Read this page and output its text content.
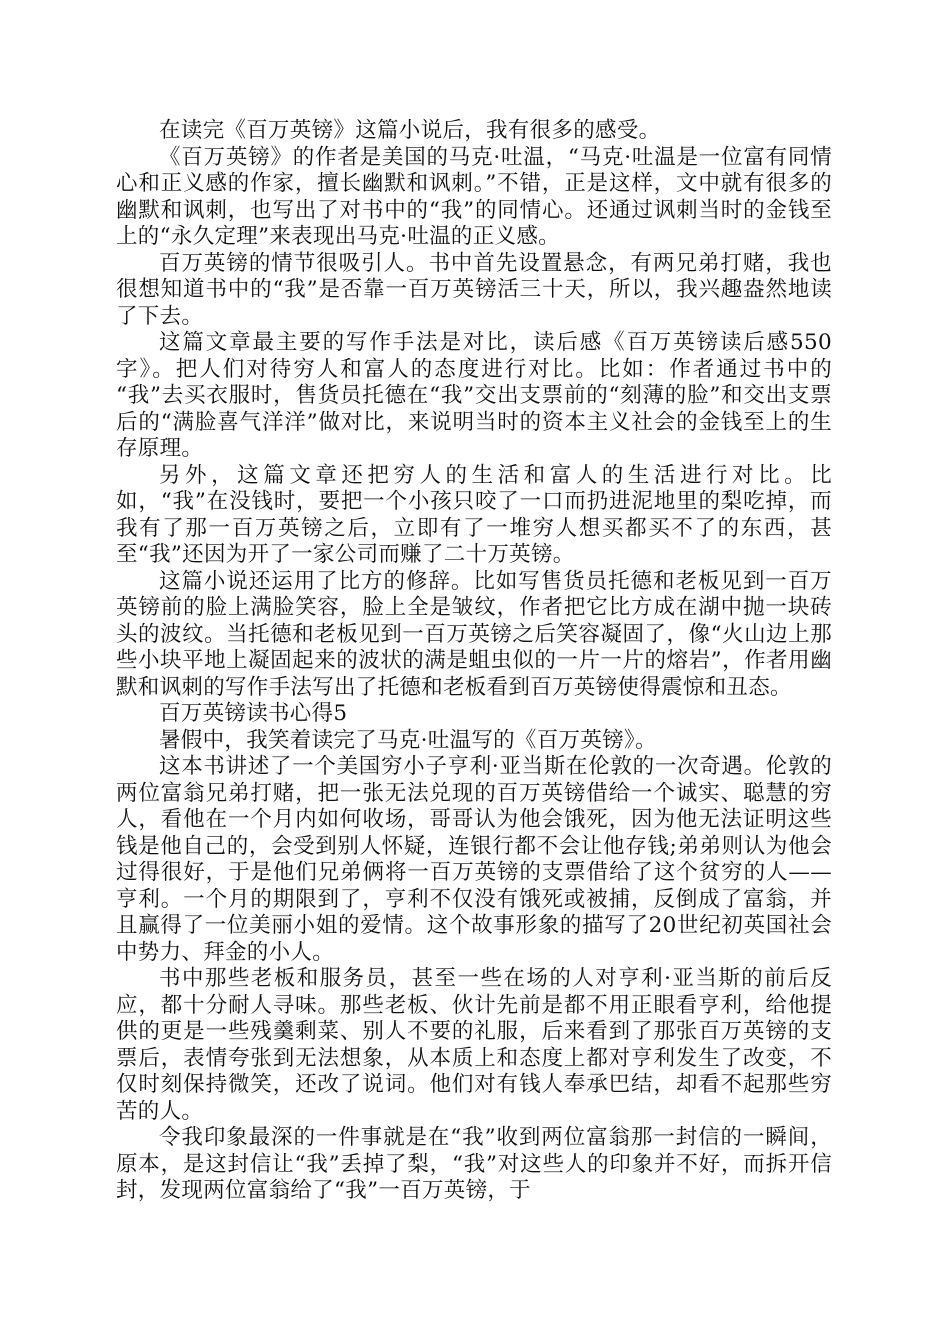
在读完《百万英镑》这篇小说后，我有很多的感受。

《百万英镑》的作者是美国的马克·吐温，“马克·吐温是一位富有同情心和正义感的作家，擅长幽默和讽刺。”不错，正是这样，文中就有很多的幽默和讽刺，也写出了对书中的“我”的同情心。还通过讽刺当时的金钱至上的“永久定理”来表现出马克·吐温的正义感。

百万英镑的情节很吸引人。书中首先设置悬念，有两兄弟打赌，我也很想知道书中的“我”是否靠一百万英镑活三十天，所以，我兴趣盎然地读了下去。

这篇文章最主要的写作手法是对比，读后感《百万英镑读后感550字》。把人们对待穷人和富人的态度进行对比。比如：作者通过书中的 “我”去买衣服时，售货员托德在“我”交出支票前的“刻薄的脸”和交出支票后的“满脸喜气洋洋”做对比，来说明当时的资本主义社会的金钱至上的生存原理。

另外，这篇文章还把穷人的生活和富人的生活进行对比。比如，“我”在没钱时，要把一个小孩只咬了一口而扔进泥地里的梨吃掉，而我有了那一百万英镑之后，立即有了一堆穷人想买都买不了的东西，甚至“我”还因为开了一家公司而赚了二十万英镑。

这篇小说还运用了比方的修辞。比如写售货员托德和老板见到一百万英镑前的脸上满脸笑容，脸上全是皱纹，作者把它比方成在湖中抛一块砖头的波纹。当托德和老板见到一百万英镑之后笑容凝固了，像“火山边上那些小块平地上凝固起来的波状的满是蛆虫似的一片一片的熔岩”，作者用幽默和讽刺的写作手法写出了托德和老板看到百万英镑使得震惊和丑态。

百万英镑读书心得5

暑假中，我笑着读完了马克·吐温写的《百万英镑》。

这本书讲述了一个美国穷小子亨利·亚当斯在伦敦的一次奇遇。伦敦的两位富翁兄弟打赌，把一张无法兑现的百万英镑借给一个诚实、聪慧的穷人，看他在一个月内如何收场，哥哥认为他会饿死，因为他无法证明这些钱是他自己的，会受到别人怀疑，连银行都不会让他存钱;弟弟则认为他会过得很好，于是他们兄弟俩将一百万英镑的支票借给了这个贫穷的人——亨利。一个月的期限到了，亨利不仅没有饿死或被捕，反倒成了富翁，并且赢得了一位美丽小姐的爱情。这个故事形象的描写了20世纪初英国社会中势力、拜金的小人。

书中那些老板和服务员，甚至一些在场的人对亨利·亚当斯的前后反应，都十分耐人寻味。那些老板、伙计先前是都不用正眼看亨利，给他提供的更是一些残羹剩菜、别人不要的礼服，后来看到了那张百万英镑的支票后，表情夸张到无法想象，从本质上和态度上都对亨利发生了改变，不仅时刻保持微笑，还改了说词。他们对有钱人奉承巴结，却看不起那些穷苦的人。

令我印象最深的一件事就是在“我”收到两位富翁那一封信的一瞬间，原本，是这封信让“我”丢掉了梨，“我”对这些人的印象并不好，而拆开信封，发现两位富翁给了“我”一百万英镑，于
